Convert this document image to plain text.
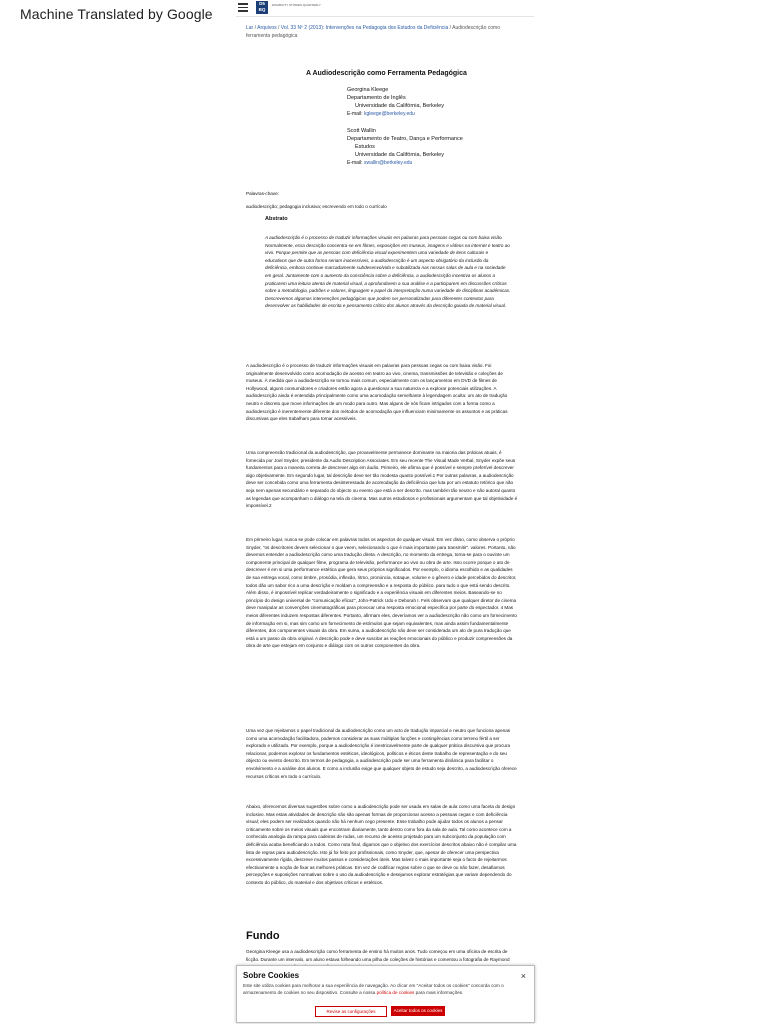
Machine Translated by Google
D5
BQ
DISABILITY STUDIES QUARTERLY
Lar / Arquivos / Vol. 33 Nº 2 (2013): Intervenções na Pedagogia dos Estudos da Deficiência / Audiodescrição como ferramenta pedagógica
A Audiodescrição como Ferramenta Pedagógica
Georgina Kleege
Departamento de Inglês
Universidade da Califórnia, Berkeley
E-mail: kgleege@berkeley.edu
Scott Wallin
Departamento de Teatro, Dança e Performance
Estudos
Universidade da Califórnia, Berkeley
E-mail: swallin@berkeley.edu
Palavras-chave:
audiodescrição; pedagogia inclusiva; escrevendo em todo o currículo
Abstrato
A audiodescrição é o processo de traduzir informações visuais em palavras para pessoas cegas ou com baixa visão. Normalmente, essa descrição concentra-se em filmes, exposições em museus, imagens e vídeos na internet e teatro ao vivo. Porque permite que as pessoas com deficiência visual experimentem uma variedade de itens culturais e educativos que de outra forma seriam inacessíveis, a audiodescrição é um aspecto obrigatório da inclusão da deficiência, embora continue marcadamente subdesenvolvida e subutilizada nas nossas salas de aula e na sociedade em geral. Juntamente com o aumento da consciência sobre a deficiência, a audiodescrição incentiva os alunos a praticarem uma leitura atenta de material visual, a aprofundarem a sua análise e a participarem em discussões críticas sobre a metodologia, padrões e valores, linguagem e papel da interpretação numa variedade de disciplinas académicas. Descrevemos algumas intervenções pedagógicas que podem ser personalizadas para diferentes contextos para desenvolver as habilidades de escrita e pensamento crítico dos alunos através da descrição guiada de material visual.
A audiodescrição é o processo de traduzir informações visuais em palavras para pessoas cegas ou com baixa visão. Foi originalmente desenvolvido como acomodação de acesso em teatro ao vivo, cinema, transmissões de televisão e coleções de museus. À medida que a audiodescrição se tornou mais comum, especialmente com os lançamentos em DVD de filmes de Hollywood, alguns consumidores e criadores estão agora a questionar a sua natureza e a explorar potenciais utilizações. A audiodescrição ainda é entendida principalmente como uma acomodação semelhante à legendagem oculta: um ato de tradução neutro e discreto que move informações de um modo para outro. Mas alguns de nós ficam intrigados com a forma como a audiodescrição é inerentemente diferente dos métodos de acomodação que influenciam minimamente os assuntos e as práticas discursivas que eles trabalham para tornar acessíveis.
Uma compreensão tradicional da audiodescrição, que provavelmente permanece dominante na maioria das práticas atuais, é fornecida por Joel Snyder, presidente da Audio Description Associates. Em seu recente The Visual Made Verbal, Snyder expõe seus fundamentos para a maneira correta de descrever algo em áudio. Primeiro, ele afirma que é possível e sempre preferível descrever algo objetivamente. Em segundo lugar, tal descrição deve ser tão modesta quanto possível.1 Por outras palavras, a audiodescrição deve ser concebida como uma ferramenta desinteressada de acomodação da deficiência que luta por um estatuto retórico que não seja nem apenas secundário e separado do objecto ou evento que está a ser descrito. mas também tão neutro e não autoral quanto as legendas que acompanham o diálogo na tela do cinema. Mas outros estudiosos e profissionais argumentam que tal objetividade é impossível.2
Em primeiro lugar, nunca se pode colocar em palavras todos os aspectos de qualquer visual. Em vez disso, como observa o próprio Snyder, "os descritores devem selecionar o que veem, selecionando o que é mais importante para transmitir". valores. Portanto, não devemos entender a audiodescrição como uma tradução direta. A descrição, no momento da entrega, torna-se para o ouvinte um componente principal de qualquer filme, programa de televisão, performance ao vivo ou obra de arte. Isso ocorre porque o ato de descrever é em si uma performance estética que gera seus próprios significados. Por exemplo, o idioma escolhido e as qualidades de sua entrega vocal, como timbre, prosódia, inflexão, ritmo, pronúncia, sotaque, volume e o gênero e idade percebidos do descritor, todos dão um sabor rico a uma descrição e moldam a compreensão e a resposta do público. para tudo o que está sendo descrito. Além disso, é impossível replicar verdadeiramente o significado e a experiência visuais em diferentes meios. Baseando-se no princípio do design universal de "comunicação eficaz", John-Patrick Udo e Deborah I. Fels observam que qualquer diretor de cinema deve manipular as convenções cinematográficas para provocar uma resposta emocional específica por parte do espectador. 4 Mas meios diferentes induzem respostas diferentes. Portanto, afirmam eles, deveríamos ver a audiodescrição não como um fornecimento de informação em si, mas sim como um fornecimento de estímulos que sejam equivalentes, mas ainda assim fundamentalmente diferentes, dos componentes visuais da obra. Em suma, a audiodescrição não deve ser considerada um ato de pura tradução que está a um passo da obra original. A descrição pode e deve suscitar as reações emocionais do público e produzir compreensões da obra de arte que estejam em conjunto e diálogo com os outros componentes da obra.
Uma vez que rejeitamos o papel tradicional da audiodescrição como um acto de tradução imparcial e neutro que funciona apenas como uma acomodação facilitadora, podemos considerar as suas múltiplas funções e contingências como terreno fértil a ser explorado e utilizado. Por exemplo, porque a audiodescrição é inextricavelmente parte de qualquer prática discursiva que procura relacionar, podemos explorar os fundamentos estéticos, ideológicos, políticos e éticos deste trabalho de representação e do seu objecto ou evento descrito. Em termos de pedagogia, a audiodescrição pode ser uma ferramenta dinâmica para facilitar o envolvimento e a análise dos alunos. E como a inclusão exige que qualquer objeto de estudo seja descrito, a audiodescrição oferece recursos críticos em todo o currículo.
Abaixo, oferecemos diversas sugestões sobre como a audiodescrição pode ser usada em salas de aula como uma faceta do design inclusivo. Mas estas atividades de descrição não são apenas formas de proporcionar acesso a pessoas cegas e com deficiência visual; eles podem ser realizados quando não há nenhum cego presente. Esse trabalho pode ajudar todos os alunos a pensar criticamente sobre os meios visuais que encontram diariamente, tanto dentro como fora da sala de aula. Tal como acontece com a conhecida analogia da rampa para cadeiras de rodas, um recurso de acesso projetado para um subconjunto da população com deficiência acaba beneficiando a todos. Como nota final, digamos que o objetivo dos exercícios descritos abaixo não é compilar uma lista de regras para audiodescrição. Isto já foi feito por profissionais, como Snyder, que, apesar de oferecer uma perspectiva excessivamente rígida, descreve muitos passos e considerações úteis. Mas talvez o mais importante seja o facto de rejeitarmos efectivamente a noção de fixar as melhores práticas. Em vez de codificar regras sobre o que se deve ou não fazer, desafiamos percepções e suposições normativas sobre o uso da audiodescrição e desejamos explorar estratégias que variam dependendo do contexto do público, do material e dos objetivos críticos e estéticos.
Fundo
Georgina Kleege usa a audiodescrição como ferramenta de ensino há muitos anos. Tudo começou em uma oficina de escrita de ficção. Durante um intervalo, um aluno estava folheando uma pilha de coleções de histórias e comentou a fotografia de Raymond
Sobre Cookies	×
Este site utiliza cookies para melhorar a sua experiência de navegação. Ao clicar em "Aceitar todos os cookies" concorda com o armazenamento de cookies no seu dispositivo. Consulte a nossa política de cookies para mais informações.
Revise as configurações	Aceitar todos os cookies
